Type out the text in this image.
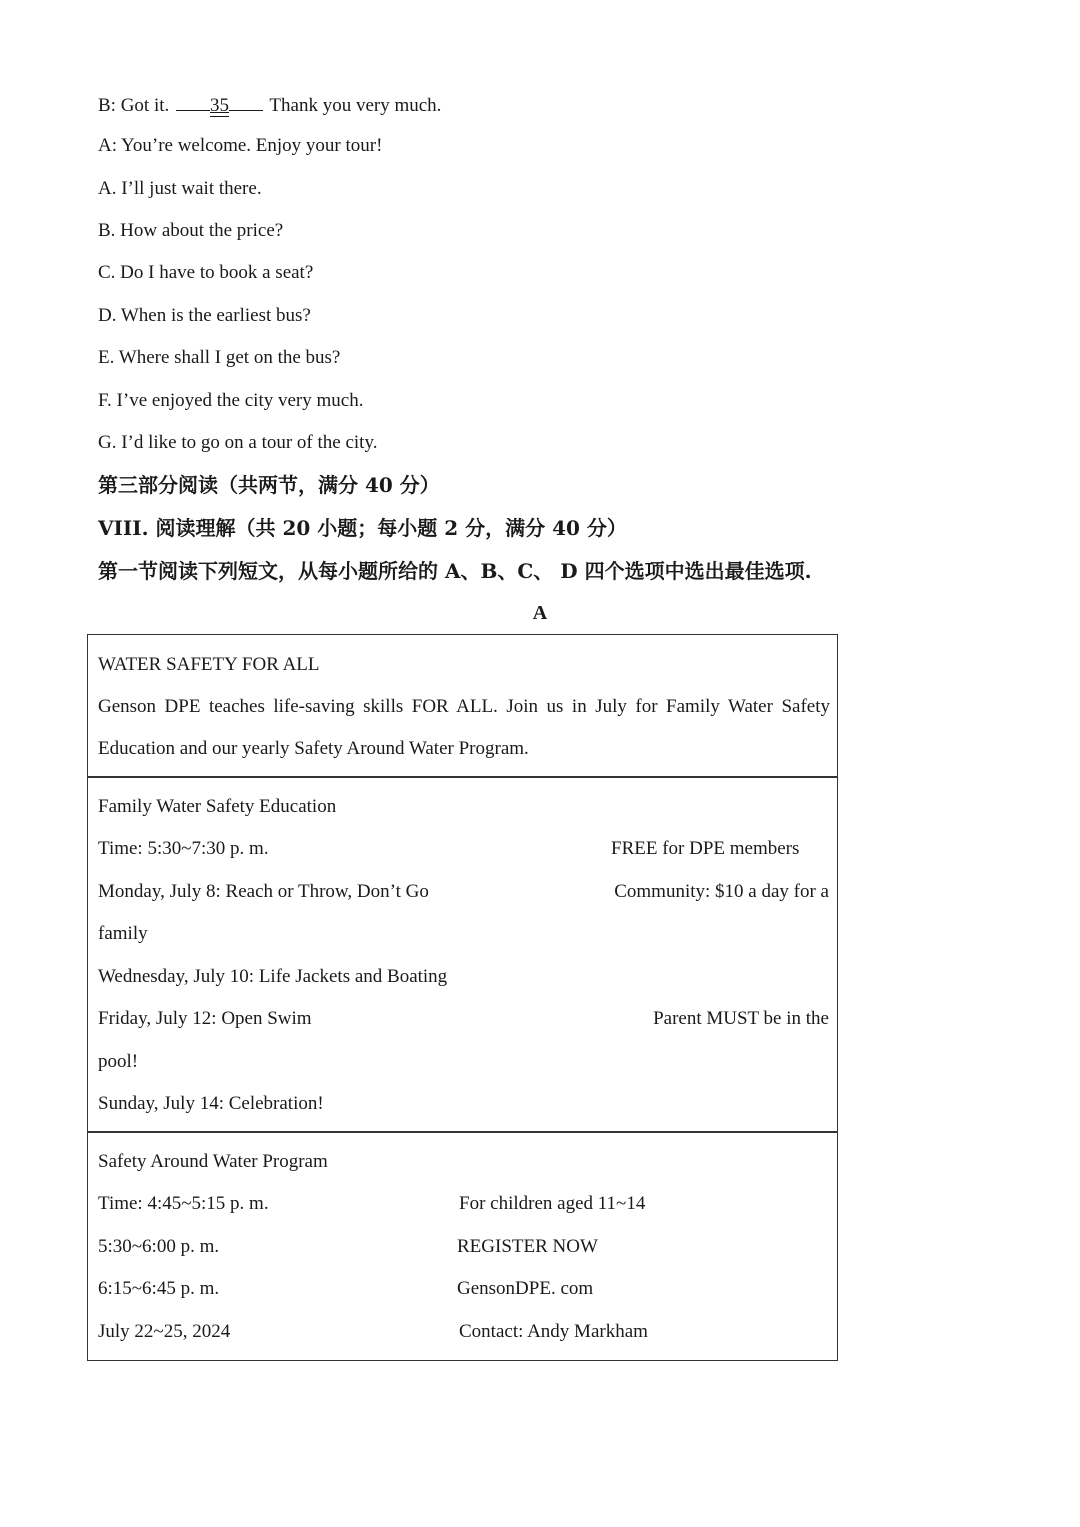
B: Got it. 35 Thank you very much.
A: You’re welcome. Enjoy your tour!
A. I’ll just wait there.
B. How about the price?
C. Do I have to book a seat?
D. When is the earliest bus?
E. Where shall I get on the bus?
F. I’ve enjoyed the city very much.
G. I’d like to go on a tour of the city.
第三部分阅读（共两节，满分 40 分）
VIII. 阅读理解（共 20 小题；每小题 2 分，满分 40 分）
第一节阅读下列短文，从每小题所给的 A、B、C、 D 四个选项中选出最佳选项.
A
WATER SAFETY FOR ALL
Genson DPE teaches life-saving skills FOR ALL. Join us in July for Family Water Safety
Education and our yearly Safety Around Water Program.
Family Water Safety Education
Time: 5:30~7:30 p. m.	FREE for DPE members
Monday, July 8: Reach or Throw, Don’t Go	Community: $10 a day for a
family
Wednesday, July 10: Life Jackets and Boating
Friday, July 12: Open Swim	Parent MUST be in the
pool!
Sunday, July 14: Celebration!
Safety Around Water Program
Time: 4:45~5:15 p. m.	For children aged 11~14
5:30~6:00 p. m.	REGISTER NOW
6:15~6:45 p. m.	GensonDPE. com
July 22~25, 2024	Contact: Andy Markham
